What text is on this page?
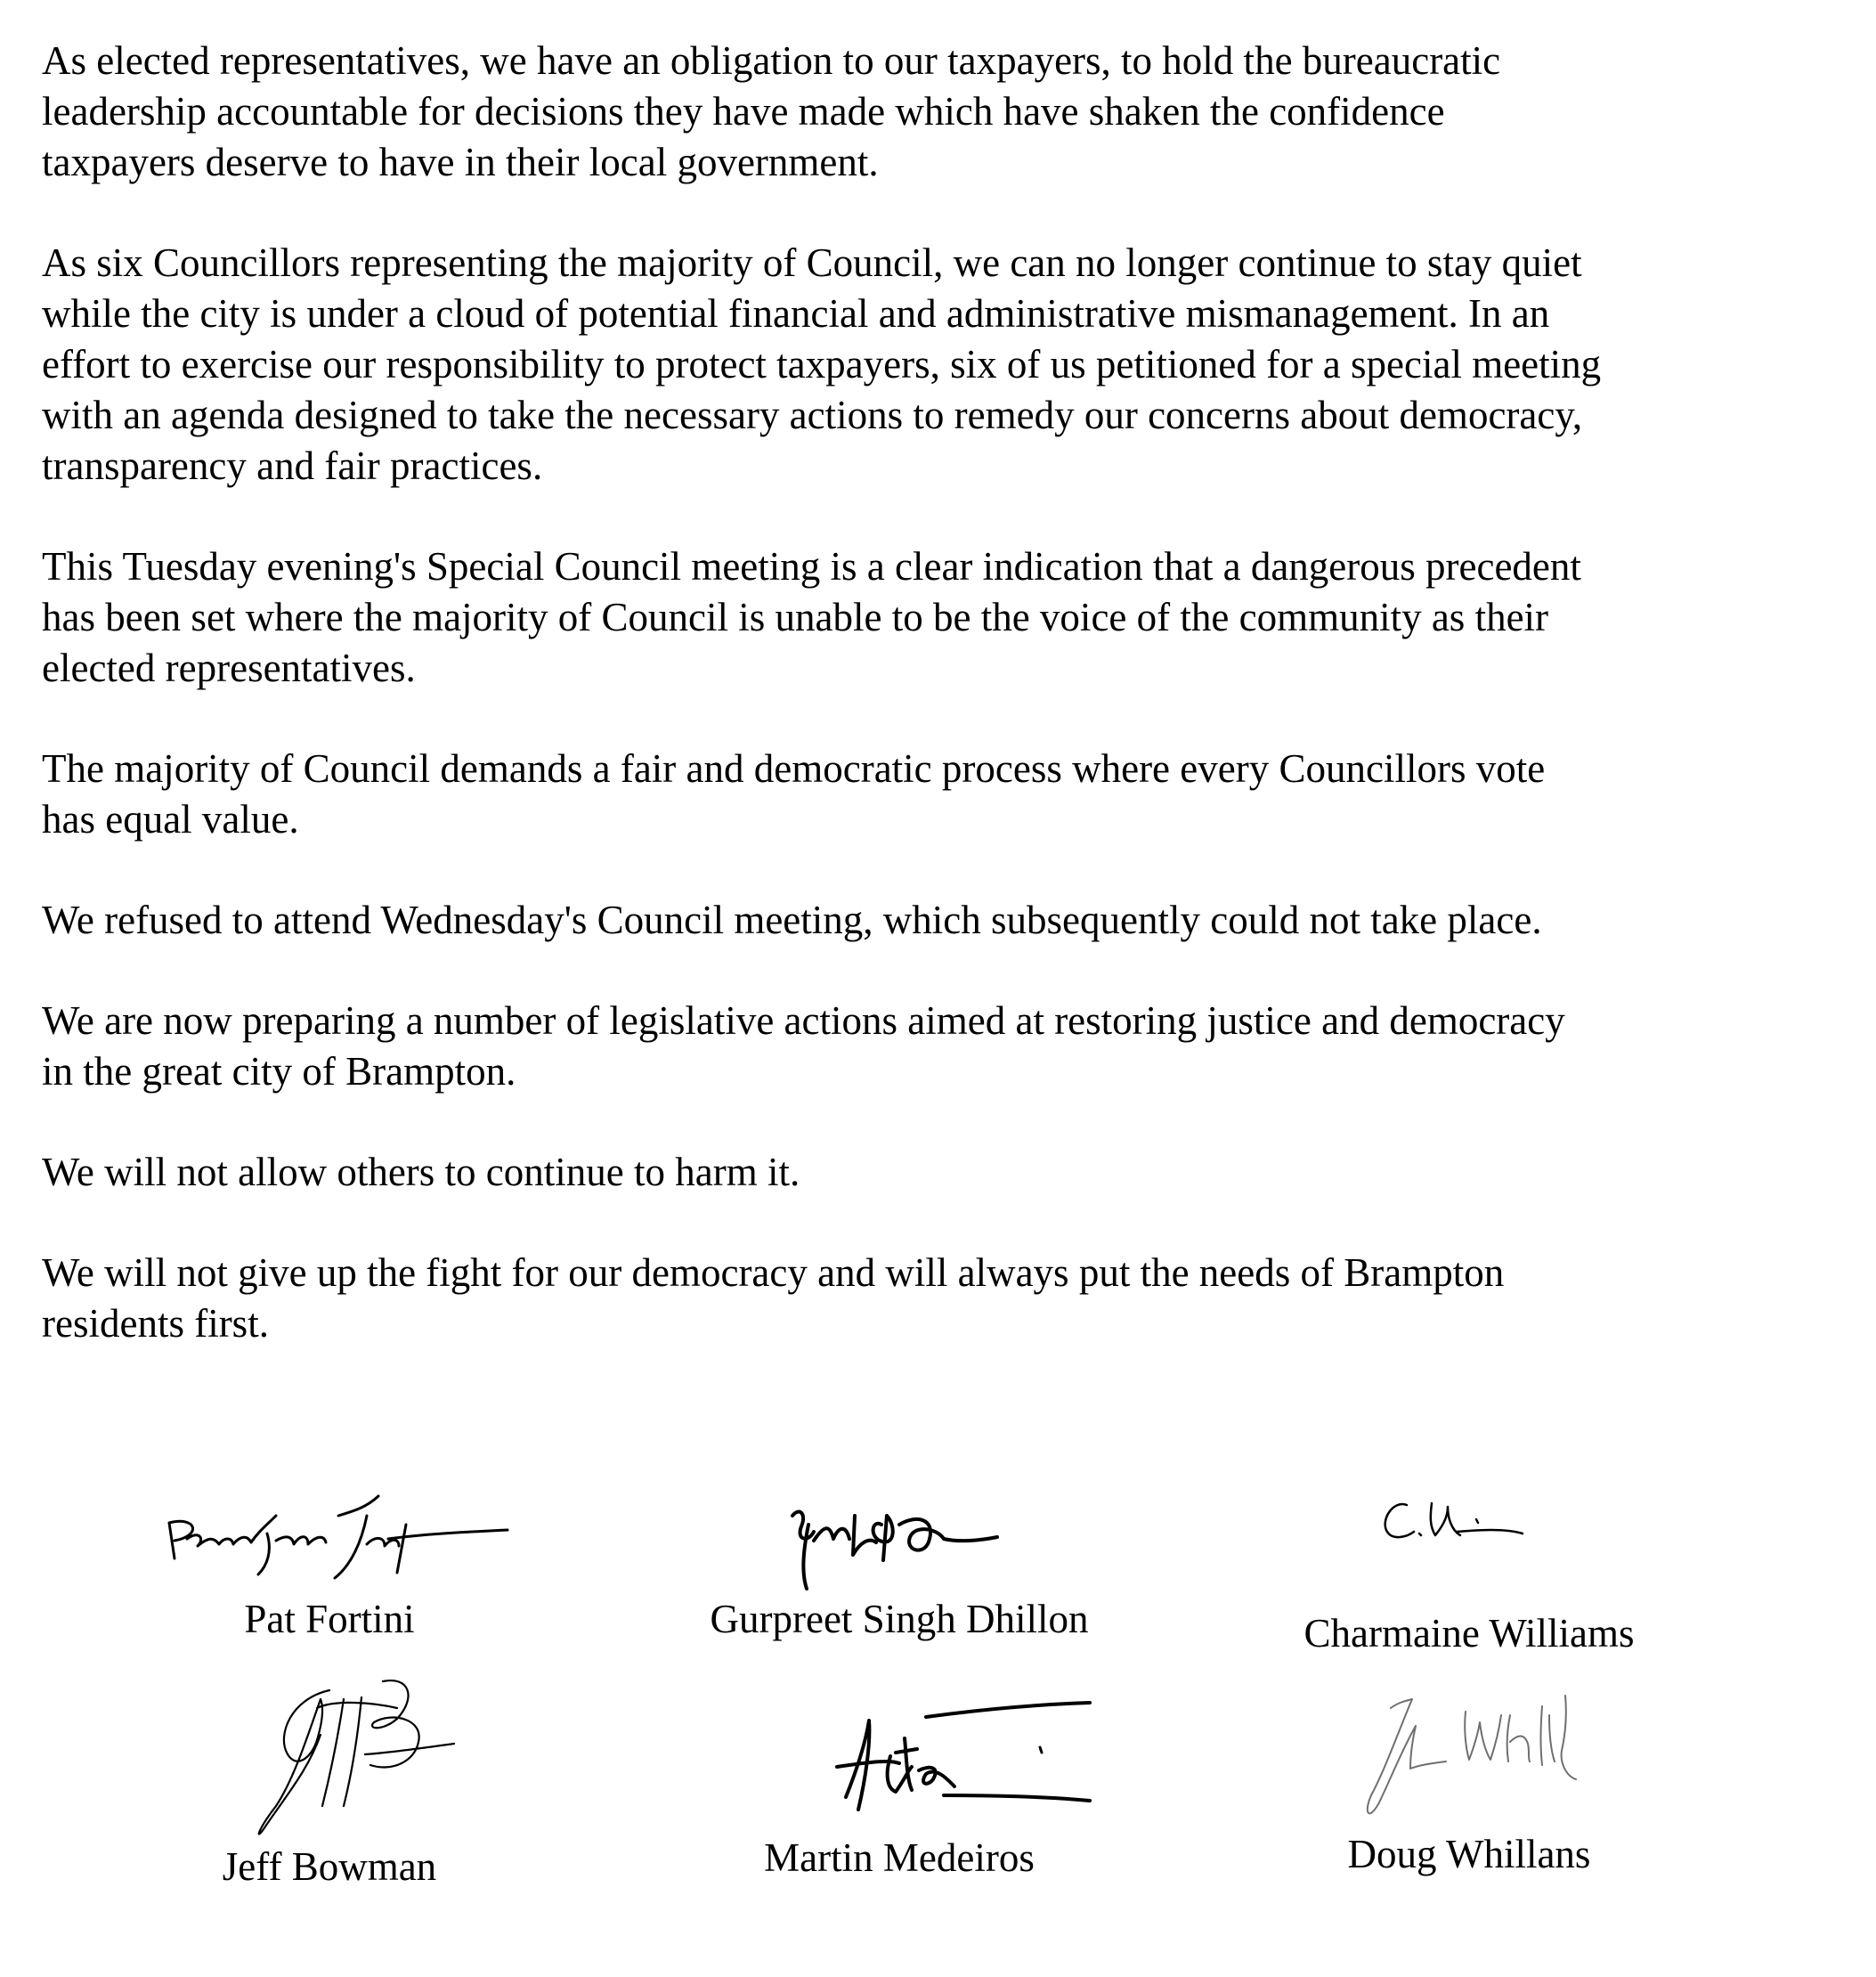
As elected representatives, we have an obligation to our taxpayers, to hold the bureaucratic
leadership accountable for decisions they have made which have shaken the confidence
taxpayers deserve to have in their local government.

As six Councillors representing the majority of Council, we can no longer continue to stay quiet
while the city is under a cloud of potential financial and administrative mismanagement. In an
effort to exercise our responsibility to protect taxpayers, six of us petitioned for a special meeting
with an agenda designed to take the necessary actions to remedy our concerns about democracy,
transparency and fair practices.

This Tuesday evening's Special Council meeting is a clear indication that a dangerous precedent
has been set where the majority of Council is unable to be the voice of the community as their
elected representatives.

The majority of Council demands a fair and democratic process where every Councillors vote
has equal value.

We refused to attend Wednesday's Council meeting, which subsequently could not take place.

We are now preparing a number of legislative actions aimed at restoring justice and democracy
in the great city of Brampton.

We will not allow others to continue to harm it.

We will not give up the fight for our democracy and will always put the needs of Brampton
residents first.

Pat Fortini	Gurpreet Singh Dhillon	Charmaine Williams
Jeff Bowman	Martin Medeiros	Doug Whillans
